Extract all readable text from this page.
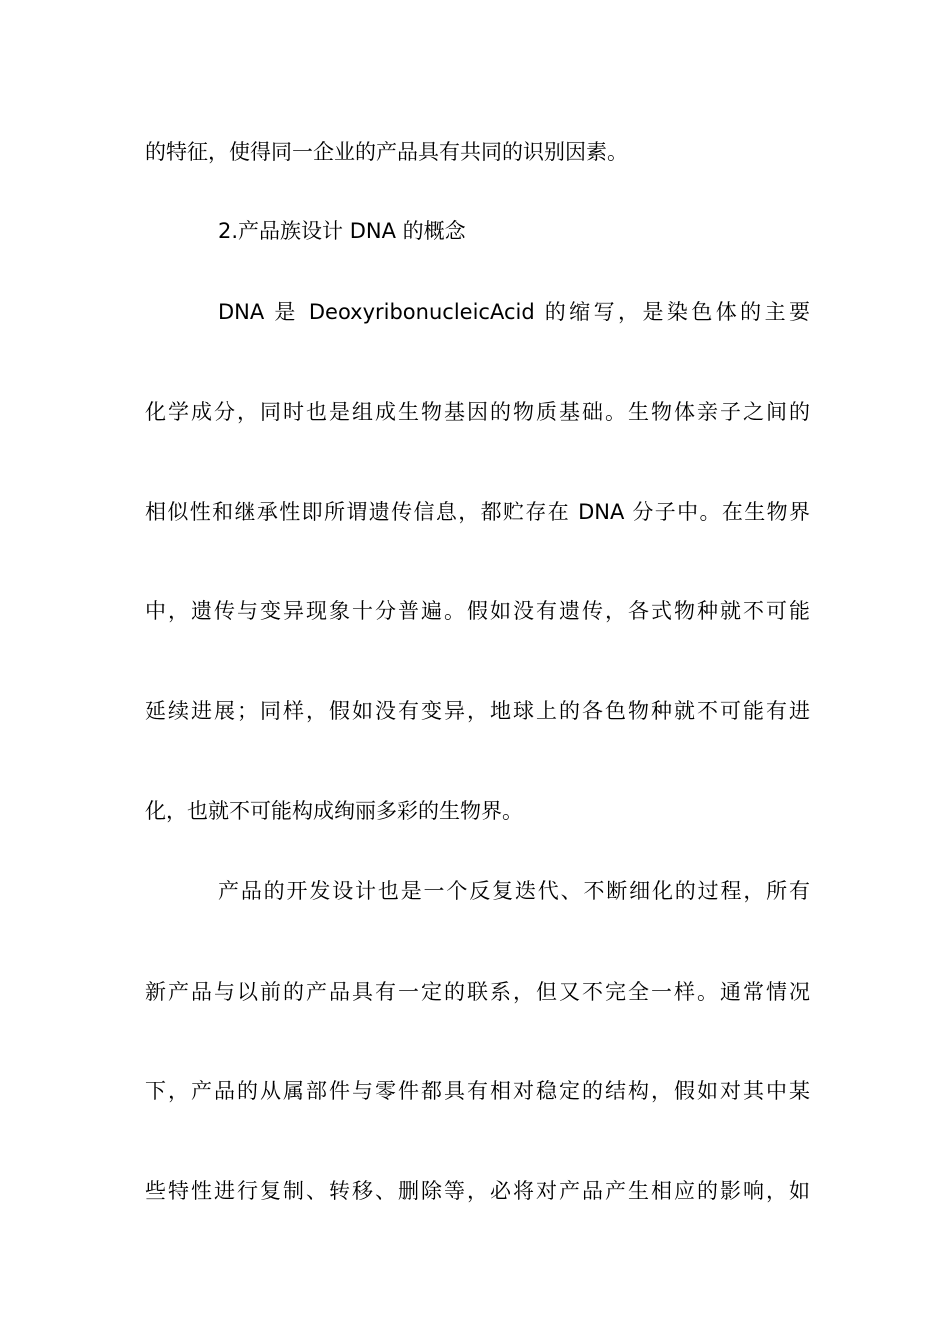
的特征，使得同一企业的产品具有共同的识别因素。
2.产品族设计 DNA 的概念
DNA 是 DeoxyribonucleicAcid 的缩写，是染色体的主要
化学成分，同时也是组成生物基因的物质基础。生物体亲子之间的
相似性和继承性即所谓遗传信息，都贮存在 DNA 分子中。在生物界
中，遗传与变异现象十分普遍。假如没有遗传，各式物种就不可能
延续进展；同样，假如没有变异，地球上的各色物种就不可能有进
化，也就不可能构成绚丽多彩的生物界。
产品的开发设计也是一个反复迭代、不断细化的过程，所有
新产品与以前的产品具有一定的联系，但又不完全一样。通常情况
下，产品的从属部件与零件都具有相对稳定的结构，假如对其中某
些特性进行复制、转移、删除等，必将对产品产生相应的影响，如
